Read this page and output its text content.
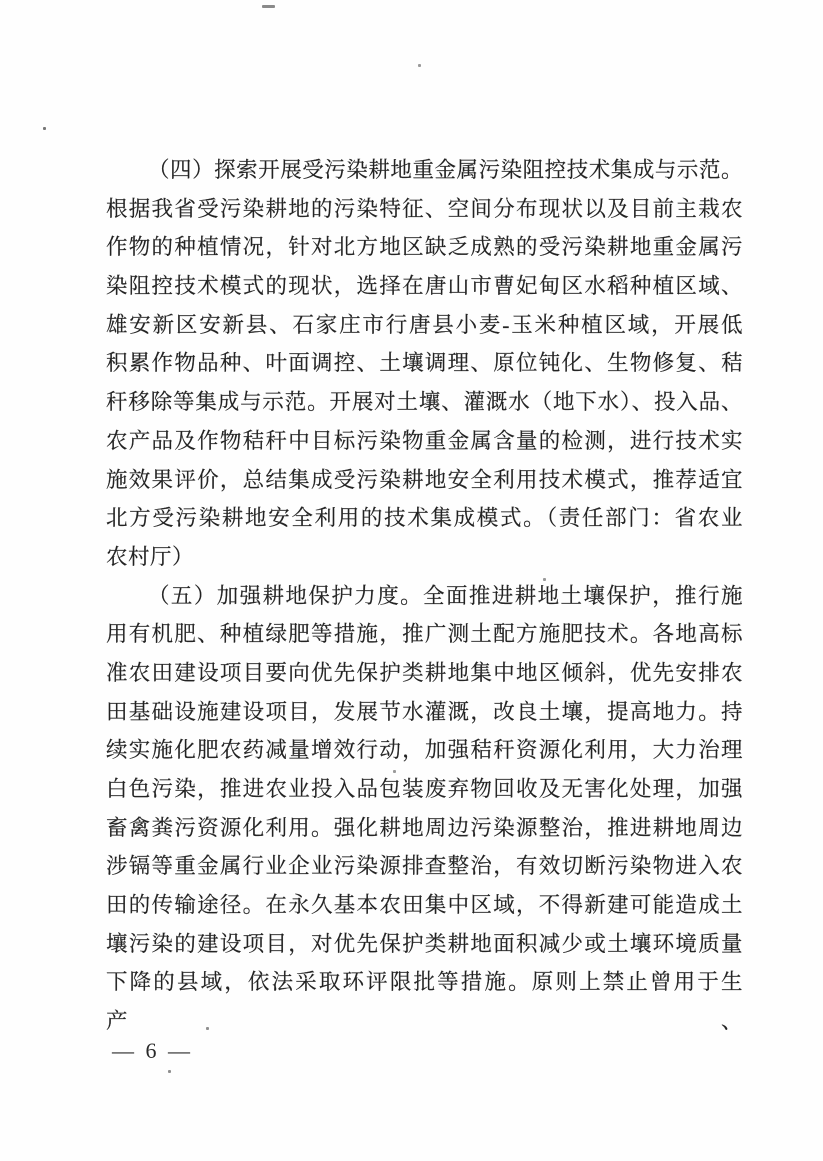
（四）探索开展受污染耕地重金属污染阻控技术集成与示范。
根据我省受污染耕地的污染特征、空间分布现状以及目前主栽农
作物的种植情况，针对北方地区缺乏成熟的受污染耕地重金属污
染阻控技术模式的现状，选择在唐山市曹妃甸区水稻种植区域、
雄安新区安新县、石家庄市行唐县小麦-玉米种植区域，开展低
积累作物品种、叶面调控、土壤调理、原位钝化、生物修复、秸
秆移除等集成与示范。开展对土壤、灌溉水（地下水）、投入品、
农产品及作物秸秆中目标污染物重金属含量的检测，进行技术实
施效果评价，总结集成受污染耕地安全利用技术模式，推荐适宜
北方受污染耕地安全利用的技术集成模式。（责任部门：省农业
农村厅）
（五）加强耕地保护力度。全面推进耕地土壤保护，推行施
用有机肥、种植绿肥等措施，推广测土配方施肥技术。各地高标
准农田建设项目要向优先保护类耕地集中地区倾斜，优先安排农
田基础设施建设项目，发展节水灌溉，改良土壤，提高地力。持
续实施化肥农药减量增效行动，加强秸秆资源化利用，大力治理
白色污染，推进农业投入品包装废弃物回收及无害化处理，加强
畜禽粪污资源化利用。强化耕地周边污染源整治，推进耕地周边
涉镉等重金属行业企业污染源排查整治，有效切断污染物进入农
田的传输途径。在永久基本农田集中区域，不得新建可能造成土
壤污染的建设项目，对优先保护类耕地面积减少或土壤环境质量
下降的县域，依法采取环评限批等措施。原则上禁止曾用于生产、
— 6 —
